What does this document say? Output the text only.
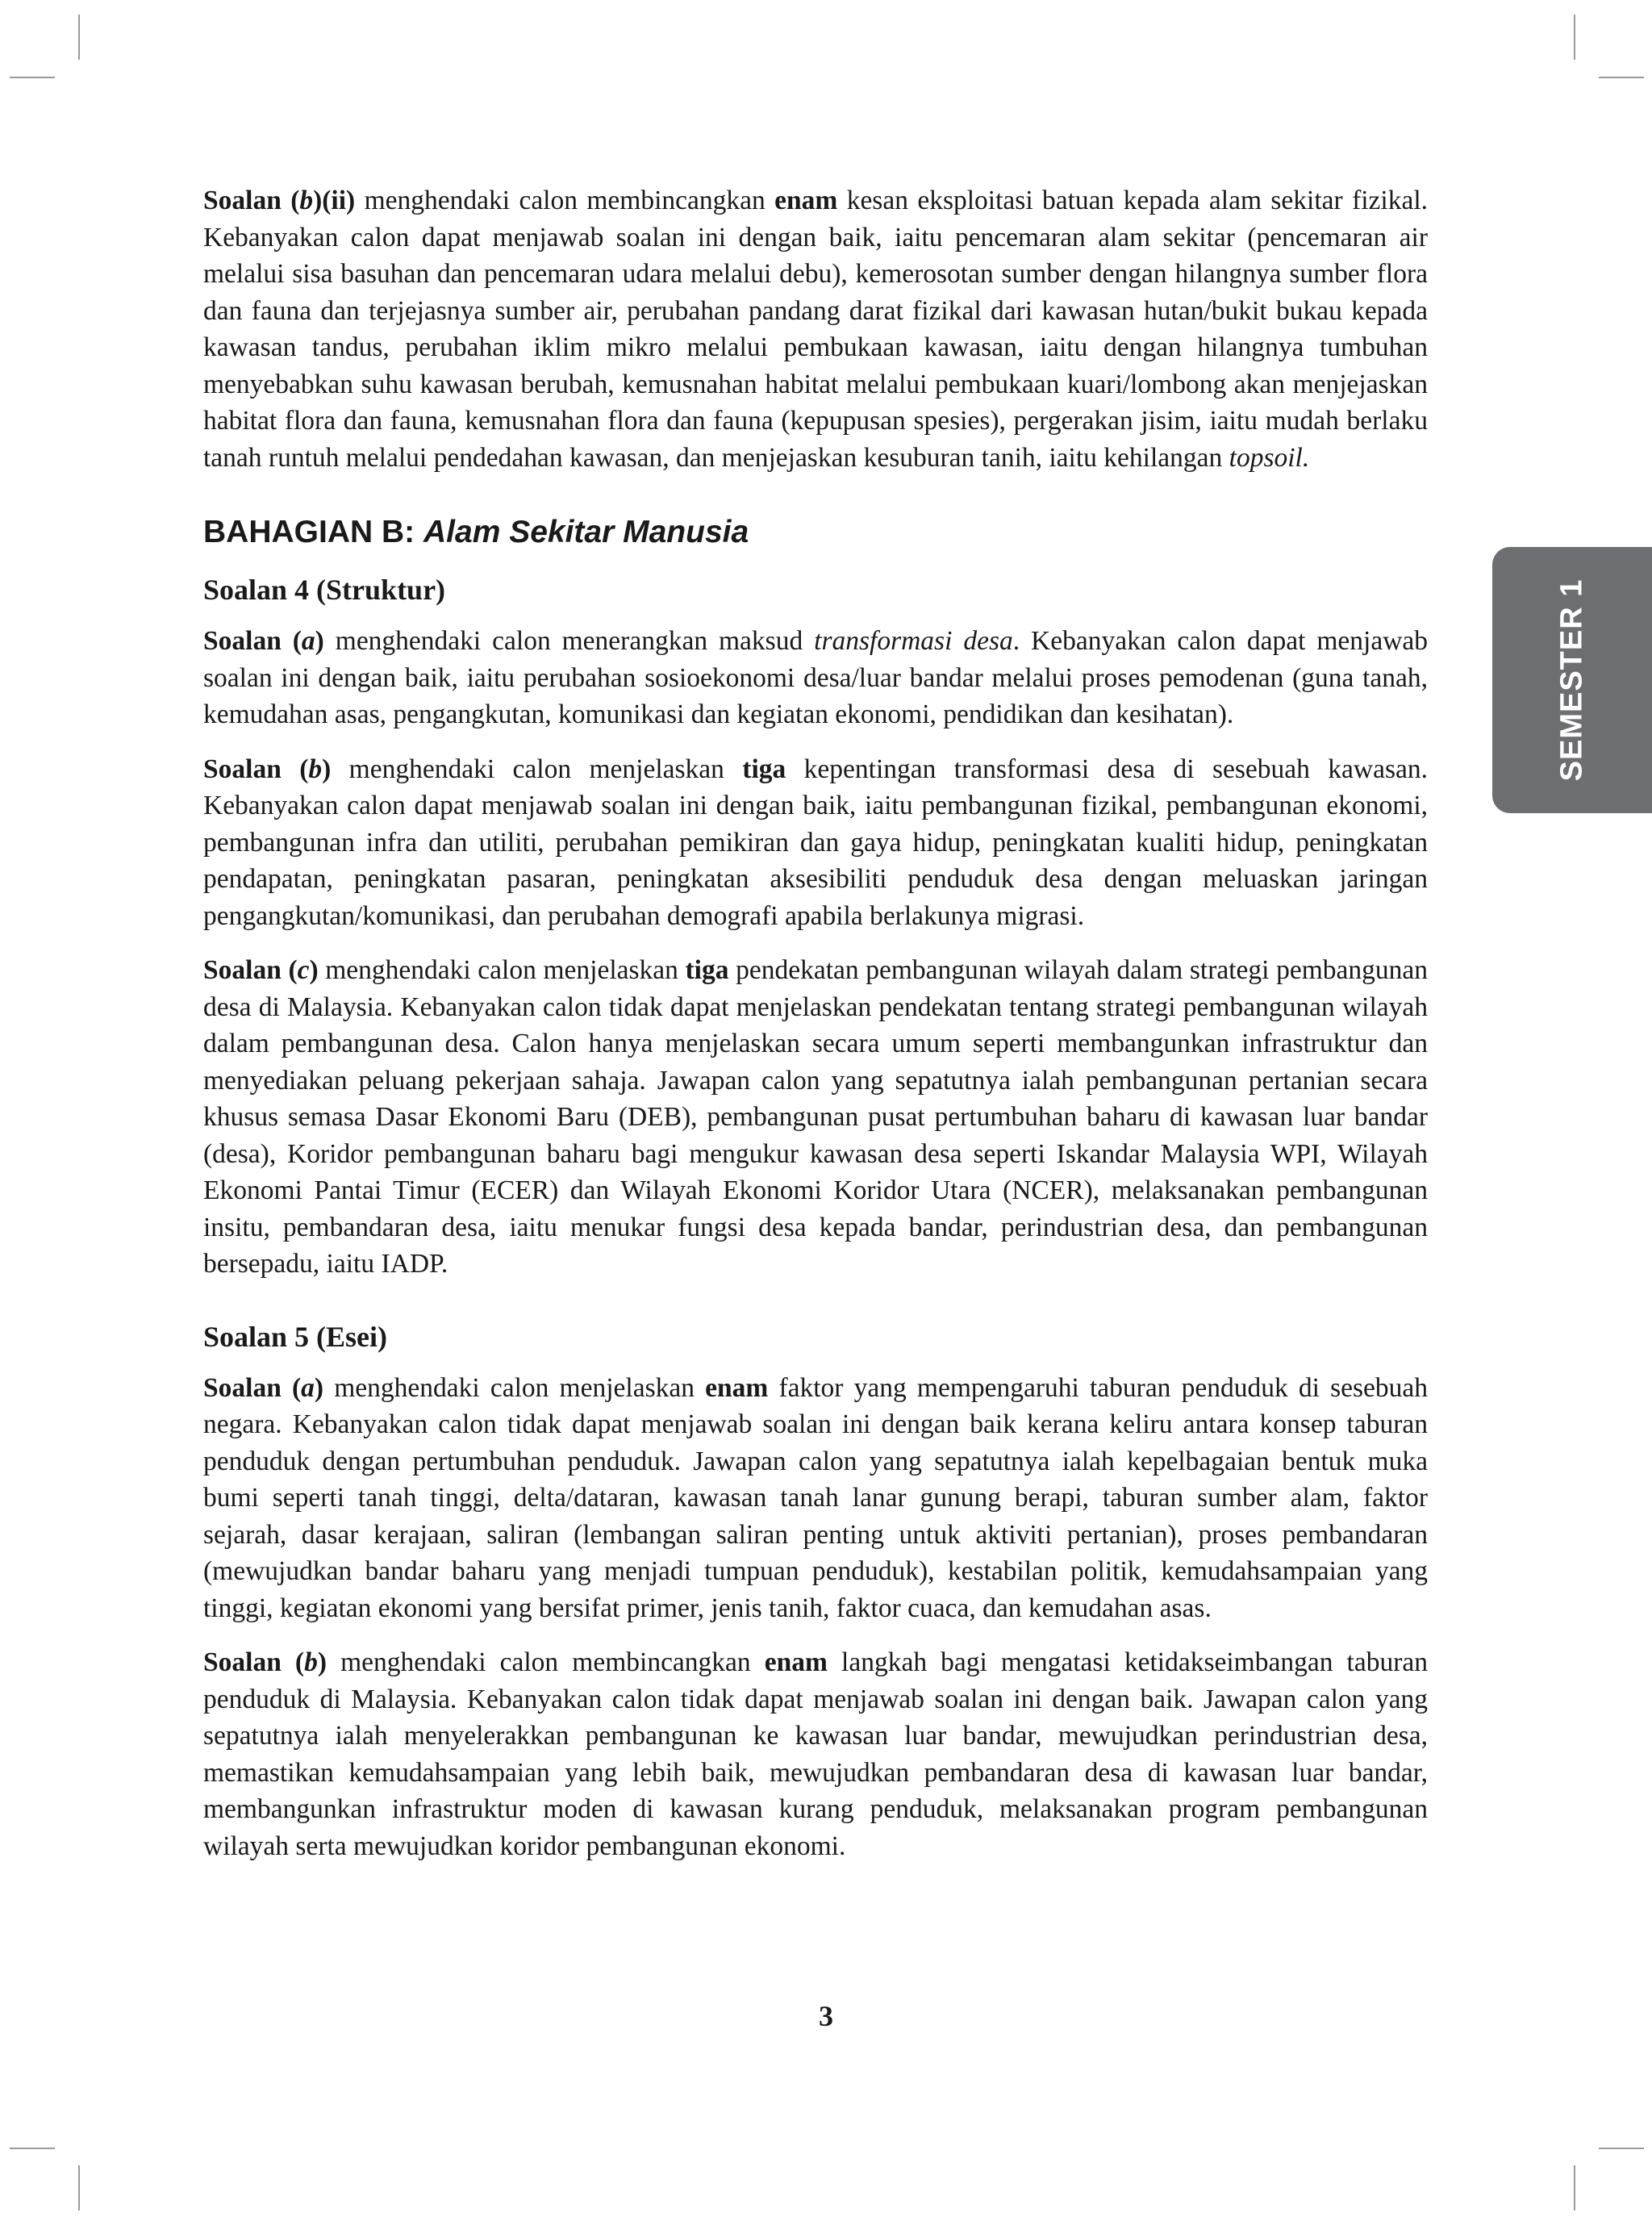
SEMESTER 1

Soalan (b)(ii) menghendaki calon membincangkan enam kesan eksploitasi batuan kepada alam sekitar fizikal. Kebanyakan calon dapat menjawab soalan ini dengan baik, iaitu pencemaran alam sekitar (pencemaran air melalui sisa basuhan dan pencemaran udara melalui debu), kemerosotan sumber dengan hilangnya sumber flora dan fauna dan terjejasnya sumber air, perubahan pandang darat fizikal dari kawasan hutan/bukit bukau kepada kawasan tandus, perubahan iklim mikro melalui pembukaan kawasan, iaitu dengan hilangnya tumbuhan menyebabkan suhu kawasan berubah, kemusnahan habitat melalui pembukaan kuari/lombong akan menjejaskan habitat flora dan fauna, kemusnahan flora dan fauna (kepupusan spesies), pergerakan jisim, iaitu mudah berlaku tanah runtuh melalui pendedahan kawasan, dan menjejaskan kesuburan tanih, iaitu kehilangan topsoil.

BAHAGIAN B: Alam Sekitar Manusia
Soalan 4 (Struktur)

Soalan (a) menghendaki calon menerangkan maksud transformasi desa. Kebanyakan calon dapat menjawab soalan ini dengan baik, iaitu perubahan sosioekonomi desa/luar bandar melalui proses pemodenan (guna tanah, kemudahan asas, pengangkutan, komunikasi dan kegiatan ekonomi, pendidikan dan kesihatan).

Soalan (b) menghendaki calon menjelaskan tiga kepentingan transformasi desa di sesebuah kawasan. Kebanyakan calon dapat menjawab soalan ini dengan baik, iaitu pembangunan fizikal, pembangunan ekonomi, pembangunan infra dan utiliti, perubahan pemikiran dan gaya hidup, peningkatan kualiti hidup, peningkatan pendapatan, peningkatan pasaran, peningkatan aksesibiliti penduduk desa dengan meluaskan jaringan pengangkutan/komunikasi, dan perubahan demografi apabila berlakunya migrasi.

Soalan (c) menghendaki calon menjelaskan tiga pendekatan pembangunan wilayah dalam strategi pembangunan desa di Malaysia. Kebanyakan calon tidak dapat menjelaskan pendekatan tentang strategi pembangunan wilayah dalam pembangunan desa. Calon hanya menjelaskan secara umum seperti membangunkan infrastruktur dan menyediakan peluang pekerjaan sahaja. Jawapan calon yang sepatutnya ialah pembangunan pertanian secara khusus semasa Dasar Ekonomi Baru (DEB), pembangunan pusat pertumbuhan baharu di kawasan luar bandar (desa), Koridor pembangunan baharu bagi mengukur kawasan desa seperti Iskandar Malaysia WPI, Wilayah Ekonomi Pantai Timur (ECER) dan Wilayah Ekonomi Koridor Utara (NCER), melaksanakan pembangunan insitu, pembandaran desa, iaitu menukar fungsi desa kepada bandar, perindustrian desa, dan pembangunan bersepadu, iaitu IADP.

Soalan 5 (Esei)

Soalan (a) menghendaki calon menjelaskan enam faktor yang mempengaruhi taburan penduduk di sesebuah negara. Kebanyakan calon tidak dapat menjawab soalan ini dengan baik kerana keliru antara konsep taburan penduduk dengan pertumbuhan penduduk. Jawapan calon yang sepatutnya ialah kepelbagaian bentuk muka bumi seperti tanah tinggi, delta/dataran, kawasan tanah lanar gunung berapi, taburan sumber alam, faktor sejarah, dasar kerajaan, saliran (lembangan saliran penting untuk aktiviti pertanian), proses pembandaran (mewujudkan bandar baharu yang menjadi tumpuan penduduk), kestabilan politik, kemudahsampaian yang tinggi, kegiatan ekonomi yang bersifat primer, jenis tanih, faktor cuaca, dan kemudahan asas.

Soalan (b) menghendaki calon membincangkan enam langkah bagi mengatasi ketidakseimbangan taburan penduduk di Malaysia. Kebanyakan calon tidak dapat menjawab soalan ini dengan baik. Jawapan calon yang sepatutnya ialah menyelerakkan pembangunan ke kawasan luar bandar, mewujudkan perindustrian desa, memastikan kemudahsampaian yang lebih baik, mewujudkan pembandaran desa di kawasan luar bandar, membangunkan infrastruktur moden di kawasan kurang penduduk, melaksanakan program pembangunan wilayah serta mewujudkan koridor pembangunan ekonomi.

3
